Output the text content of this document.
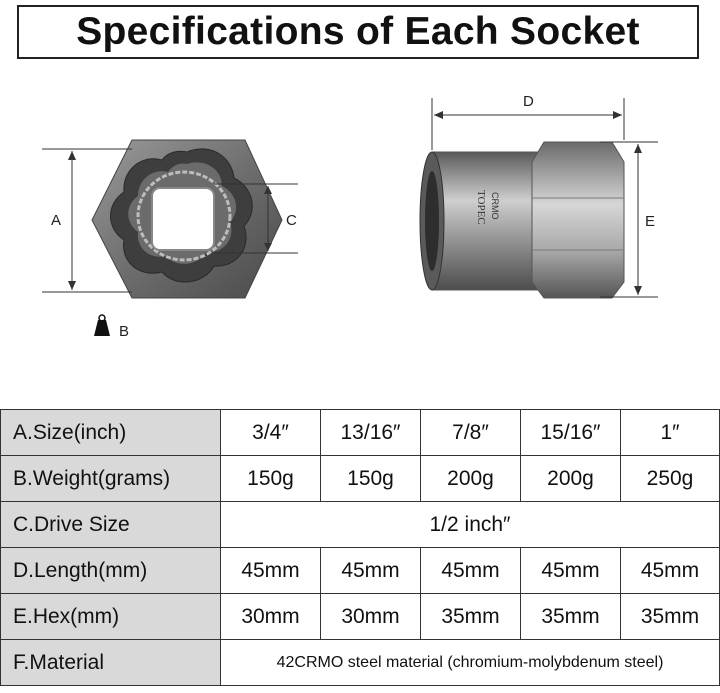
Specifications of Each Socket
A	C
B
TOPEC CRMO
D
E
A.Size(inch)	3/4″	13/16″	7/8″	15/16″	1″
B.Weight(grams)	150g	150g	200g	200g	250g
C.Drive Size	1/2 inch″				
D.Length(mm)	45mm	45mm	45mm	45mm	45mm
E.Hex(mm)	30mm	30mm	35mm	35mm	35mm
F.Material	42CRMO steel material (chromium-molybdenum steel)				
